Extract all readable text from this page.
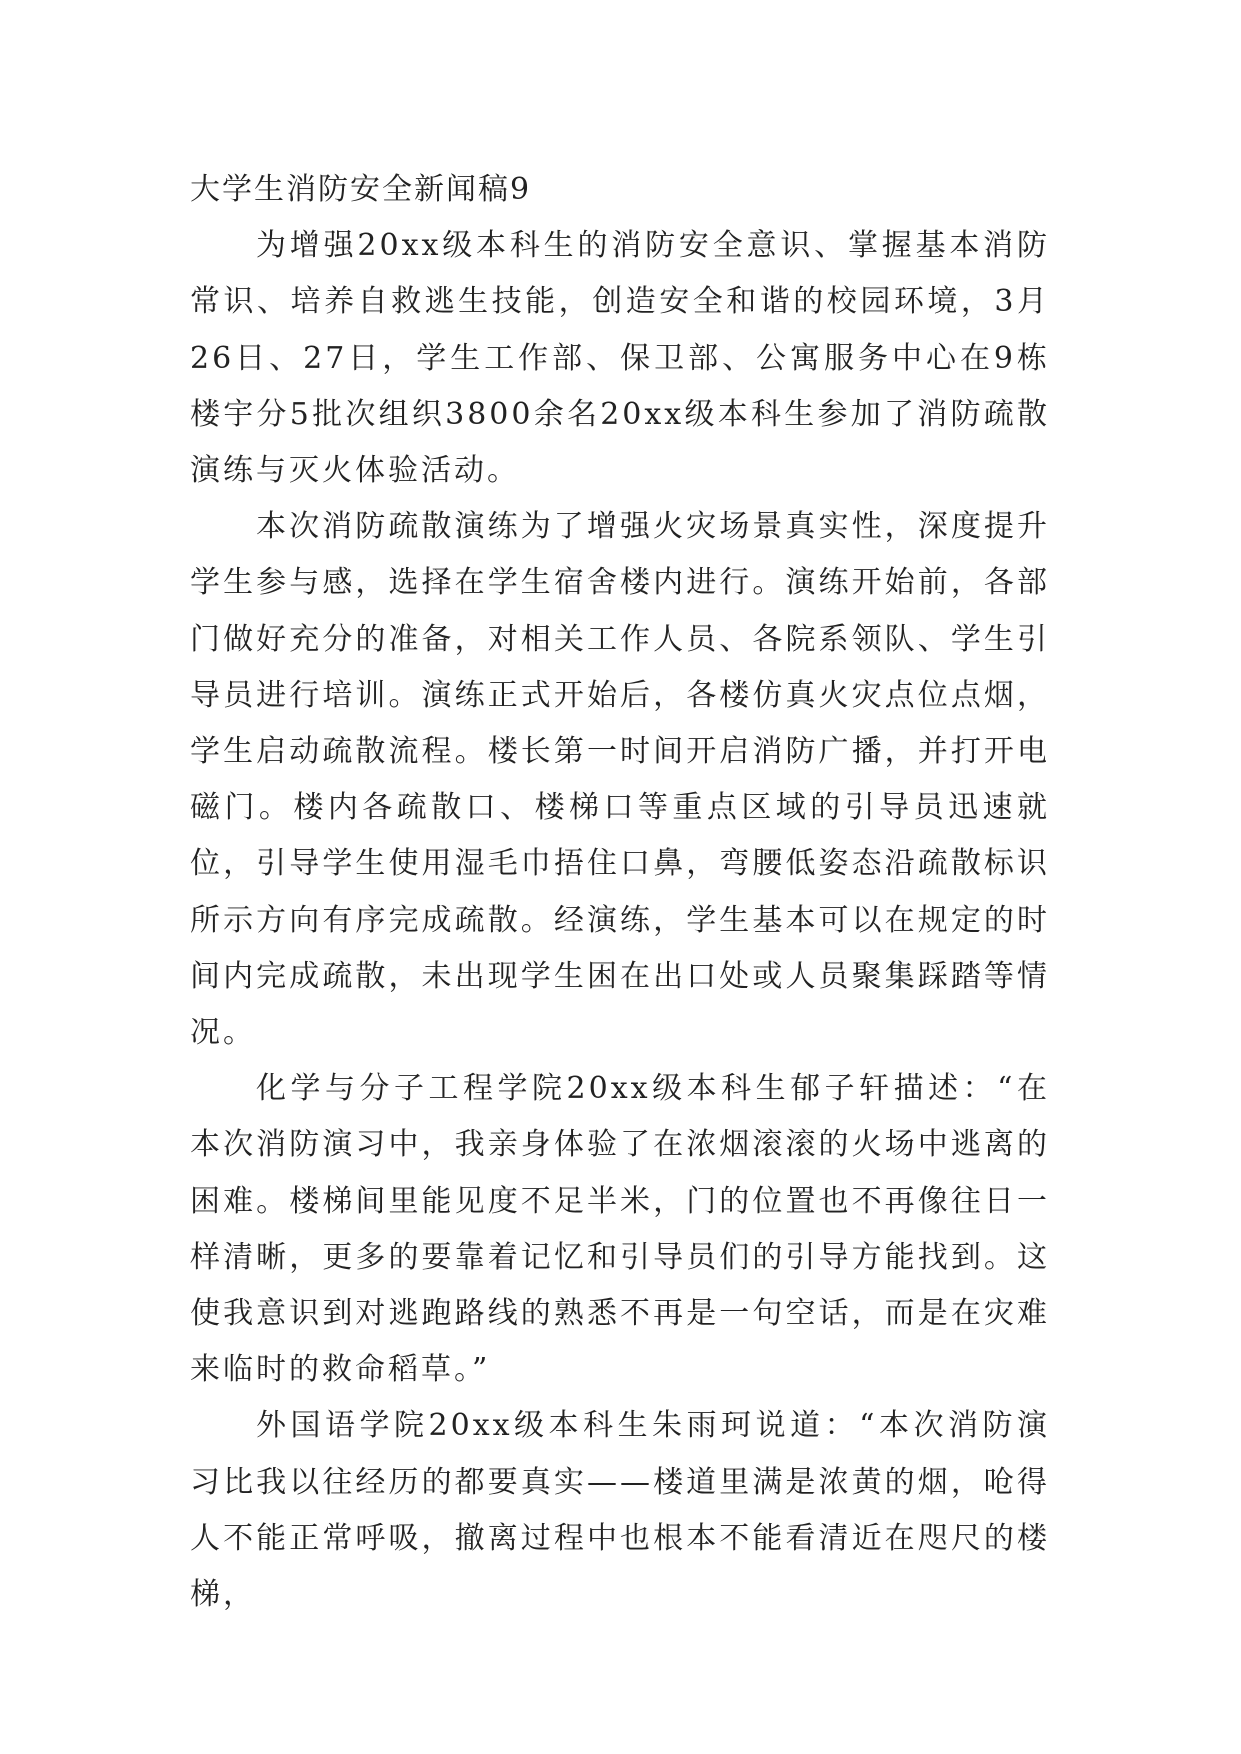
大学生消防安全新闻稿9

为增强20xx级本科生的消防安全意识、掌握基本消防常识、培养自救逃生技能，创造安全和谐的校园环境，3月26日、27日，学生工作部、保卫部、公寓服务中心在9栋楼宇分5批次组织3800余名20xx级本科生参加了消防疏散演练与灭火体验活动。

本次消防疏散演练为了增强火灾场景真实性，深度提升学生参与感，选择在学生宿舍楼内进行。演练开始前，各部门做好充分的准备，对相关工作人员、各院系领队、学生引导员进行培训。演练正式开始后，各楼仿真火灾点位点烟，学生启动疏散流程。楼长第一时间开启消防广播，并打开电磁门。楼内各疏散口、楼梯口等重点区域的引导员迅速就位，引导学生使用湿毛巾捂住口鼻，弯腰低姿态沿疏散标识所示方向有序完成疏散。经演练，学生基本可以在规定的时间内完成疏散，未出现学生困在出口处或人员聚集踩踏等情况。

化学与分子工程学院20xx级本科生郁子轩描述：“在本次消防演习中，我亲身体验了在浓烟滚滚的火场中逃离的困难。楼梯间里能见度不足半米，门的位置也不再像往日一样清晰，更多的要靠着记忆和引导员们的引导方能找到。这使我意识到对逃跑路线的熟悉不再是一句空话，而是在灾难来临时的救命稻草。”

外国语学院20xx级本科生朱雨珂说道：“本次消防演习比我以往经历的都要真实——楼道里满是浓黄的烟，呛得人不能正常呼吸，撤离过程中也根本不能看清近在咫尺的楼梯，
